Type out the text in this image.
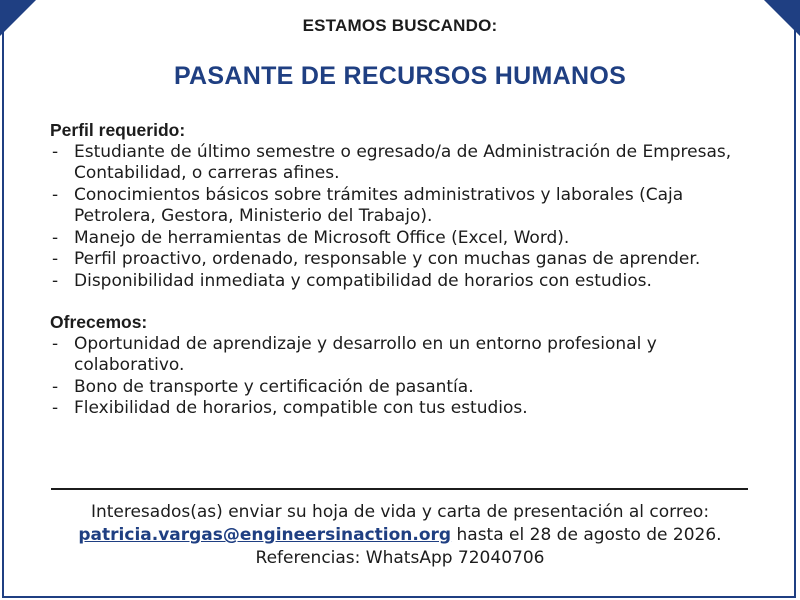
ESTAMOS BUSCANDO:
PASANTE DE RECURSOS HUMANOS

Perfil requerido:

- Estudiante de último semestre o egresado/a de Administración de Empresas, Contabilidad, o carreras afines.
- Conocimientos básicos sobre trámites administrativos y laborales (Caja Petrolera, Gestora, Ministerio del Trabajo).
- Manejo de herramientas de Microsoft Office (Excel, Word).
- Perfil proactivo, ordenado, responsable y con muchas ganas de aprender.
- Disponibilidad inmediata y compatibilidad de horarios con estudios.

Ofrecemos:

- Oportunidad de aprendizaje y desarrollo en un entorno profesional y colaborativo.
- Bono de transporte y certificación de pasantía.
- Flexibilidad de horarios, compatible con tus estudios.
Interesados(as) enviar su hoja de vida y carta de presentación al correo:
patricia.vargas@engineersinaction.org hasta el 28 de agosto de 2026.
Referencias: WhatsApp 72040706
